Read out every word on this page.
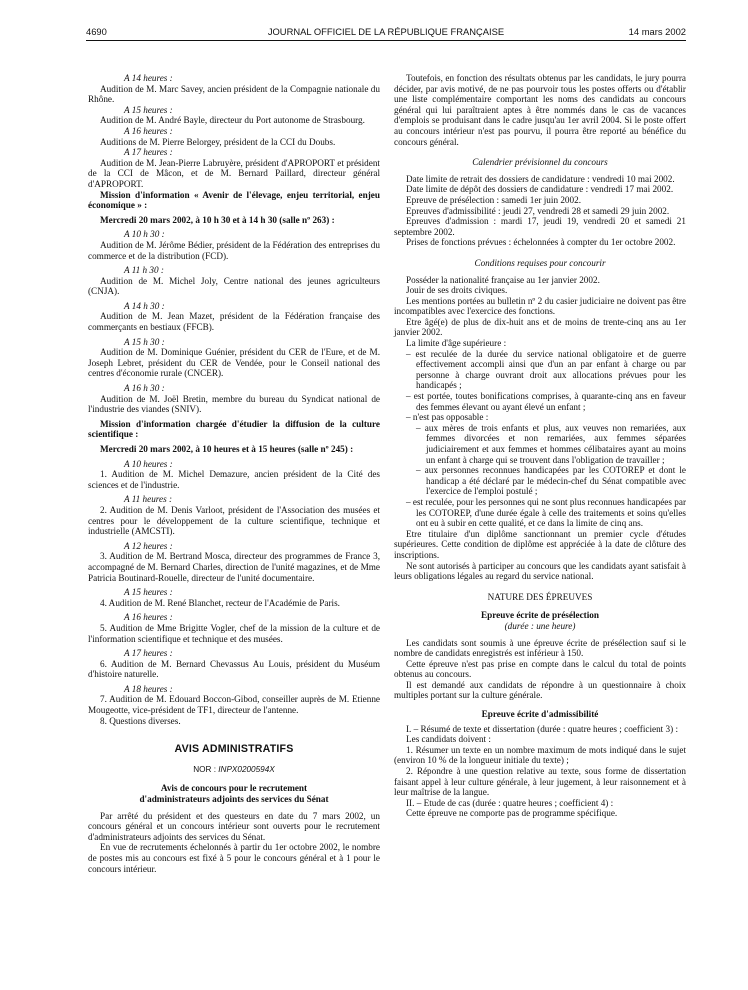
4690	JOURNAL OFFICIEL DE LA RÉPUBLIQUE FRANÇAISE	14 mars 2002

A 14 heures :

Audition de M. Marc Savey, ancien président de la Compagnie nationale du Rhône.

A 15 heures :

Audition de M. André Bayle, directeur du Port autonome de Strasbourg.

A 16 heures :

Auditions de M. Pierre Belorgey, président de la CCI du Doubs.

A 17 heures :

Audition de M. Jean-Pierre Labruyère, président d'APROPORT et président de la CCI de Mâcon, et de M. Bernard Paillard, directeur général d'APROPORT.

Mission d'information « Avenir de l'élevage, enjeu territorial, enjeu économique » :

Mercredi 20 mars 2002, à 10 h 30 et à 14 h 30 (salle nº 263) :

A 10 h 30 :

Audition de M. Jérôme Bédier, président de la Fédération des entreprises du commerce et de la distribution (FCD).

A 11 h 30 :

Audition de M. Michel Joly, Centre national des jeunes agriculteurs (CNJA).

A 14 h 30 :

Audition de M. Jean Mazet, président de la Fédération française des commerçants en bestiaux (FFCB).

A 15 h 30 :

Audition de M. Dominique Guénier, président du CER de l'Eure, et de M. Joseph Lebret, président du CER de Vendée, pour le Conseil national des centres d'économie rurale (CNCER).

A 16 h 30 :

Audition de M. Joël Bretin, membre du bureau du Syndicat national de l'industrie des viandes (SNIV).

Mission d'information chargée d'étudier la diffusion de la culture scientifique :

Mercredi 20 mars 2002, à 10 heures et à 15 heures (salle nº 245) :

A 10 heures :

1. Audition de M. Michel Demazure, ancien président de la Cité des sciences et de l'industrie.

A 11 heures :

2. Audition de M. Denis Varloot, président de l'Association des musées et centres pour le développement de la culture scientifique, technique et industrielle (AMCSTI).

A 12 heures :

3. Audition de M. Bertrand Mosca, directeur des programmes de France 3, accompagné de M. Bernard Charles, direction de l'unité magazines, et de Mme Patricia Boutinard-Rouelle, directeur de l'unité documentaire.

A 15 heures :

4. Audition de M. René Blanchet, recteur de l'Académie de Paris.

A 16 heures :

5. Audition de Mme Brigitte Vogler, chef de la mission de la culture et de l'information scientifique et technique et des musées.

A 17 heures :

6. Audition de M. Bernard Chevassus Au Louis, président du Muséum d'histoire naturelle.

A 18 heures :

7. Audition de M. Edouard Boccon-Gibod, conseiller auprès de M. Etienne Mougeotte, vice-président de TF1, directeur de l'antenne.

8. Questions diverses.

AVIS ADMINISTRATIFS
NOR : INPX0200594X
Avis de concours pour le recrutement
d'administrateurs adjoints des services du Sénat

Par arrêté du président et des questeurs en date du 7 mars 2002, un concours général et un concours intérieur sont ouverts pour le recrutement d'administrateurs adjoints des services du Sénat.

En vue de recrutements échelonnés à partir du 1er octobre 2002, le nombre de postes mis au concours est fixé à 5 pour le concours général et à 1 pour le concours intérieur.

Toutefois, en fonction des résultats obtenus par les candidats, le jury pourra décider, par avis motivé, de ne pas pourvoir tous les postes offerts ou d'établir une liste complémentaire comportant les noms des candidats au concours général qui lui paraîtraient aptes à être nommés dans le cas de vacances d'emplois se produisant dans le cadre jusqu'au 1er avril 2004. Si le poste offert au concours intérieur n'est pas pourvu, il pourra être reporté au bénéfice du concours général.

Calendrier prévisionnel du concours

Date limite de retrait des dossiers de candidature : vendredi 10 mai 2002.

Date limite de dépôt des dossiers de candidature : vendredi 17 mai 2002.

Epreuve de présélection : samedi 1er juin 2002.

Epreuves d'admissibilité : jeudi 27, vendredi 28 et samedi 29 juin 2002.

Epreuves d'admission : mardi 17, jeudi 19, vendredi 20 et samedi 21 septembre 2002.

Prises de fonctions prévues : échelonnées à compter du 1er octobre 2002.

Conditions requises pour concourir

Posséder la nationalité française au 1er janvier 2002.

Jouir de ses droits civiques.

Les mentions portées au bulletin nº 2 du casier judiciaire ne doivent pas être incompatibles avec l'exercice des fonctions.

Etre âgé(e) de plus de dix-huit ans et de moins de trente-cinq ans au 1er janvier 2002.

La limite d'âge supérieure :

– est reculée de la durée du service national obligatoire et de guerre effectivement accompli ainsi que d'un an par enfant à charge ou par personne à charge ouvrant droit aux allocations prévues pour les handicapés ;

– est portée, toutes bonifications comprises, à quarante-cinq ans en faveur des femmes élevant ou ayant élevé un enfant ;

– n'est pas opposable :

– aux mères de trois enfants et plus, aux veuves non remariées, aux femmes divorcées et non remariées, aux femmes séparées judiciairement et aux femmes et hommes célibataires ayant au moins un enfant à charge qui se trouvent dans l'obligation de travailler ;

– aux personnes reconnues handicapées par les COTOREP et dont le handicap a été déclaré par le médecin-chef du Sénat compatible avec l'exercice de l'emploi postulé ;

– est reculée, pour les personnes qui ne sont plus reconnues handicapées par les COTOREP, d'une durée égale à celle des traitements et soins qu'elles ont eu à subir en cette qualité, et ce dans la limite de cinq ans.

Etre titulaire d'un diplôme sanctionnant un premier cycle d'études supérieures. Cette condition de diplôme est appréciée à la date de clôture des inscriptions.

Ne sont autorisés à participer au concours que les candidats ayant satisfait à leurs obligations légales au regard du service national.

NATURE DES ÉPREUVES

Epreuve écrite de présélection

(durée : une heure)

Les candidats sont soumis à une épreuve écrite de présélection sauf si le nombre de candidats enregistrés est inférieur à 150.

Cette épreuve n'est pas prise en compte dans le calcul du total de points obtenus au concours.

Il est demandé aux candidats de répondre à un questionnaire à choix multiples portant sur la culture générale.

Epreuve écrite d'admissibilité

I. – Résumé de texte et dissertation (durée : quatre heures ; coefficient 3) :

Les candidats doivent :

1. Résumer un texte en un nombre maximum de mots indiqué dans le sujet (environ 10 % de la longueur initiale du texte) ;

2. Répondre à une question relative au texte, sous forme de dissertation faisant appel à leur culture générale, à leur jugement, à leur raisonnement et à leur maîtrise de la langue.

II. – Etude de cas (durée : quatre heures ; coefficient 4) :

Cette épreuve ne comporte pas de programme spécifique.
